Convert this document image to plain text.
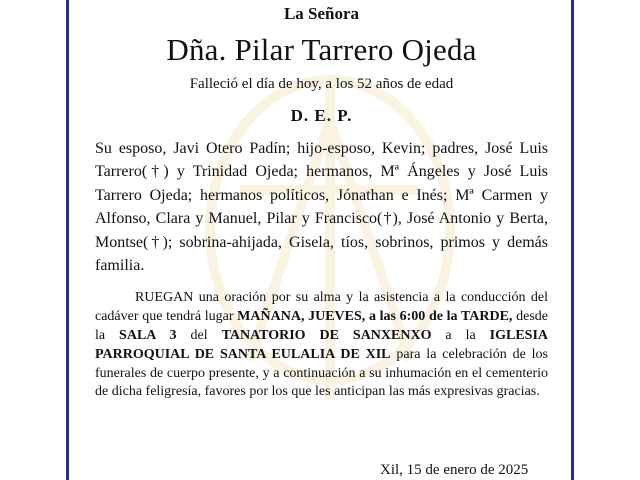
La Señora
Dña. Pilar Tarrero Ojeda
Falleció el día de hoy, a los 52 años de edad
D. E. P.
Su esposo, Javi Otero Padín; hijo-esposo, Kevin; padres, José Luis Tarrero(†) y Trinidad Ojeda; hermanos, Mª Ángeles y José Luis Tarrero Ojeda; hermanos políticos, Jónathan e Inés; Mª Carmen y Alfonso, Clara y Manuel, Pilar y Francisco(†), José Antonio y Berta, Montse(†); sobrina-ahijada, Gisela, tíos, sobrinos, primos y demás familia.
RUEGAN una oración por su alma y la asistencia a la conducción del cadáver que tendrá lugar MAÑANA, JUEVES, a las 6:00 de la TARDE, desde la SALA 3 del TANATORIO DE SANXENXO a la IGLESIA PARROQUIAL DE SANTA EULALIA DE XIL para la celebración de los funerales de cuerpo presente, y a continuación a su inhumación en el cementerio de dicha feligresía, favores por los que les anticipan las más expresivas gracias.
Xil, 15 de enero de 2025
